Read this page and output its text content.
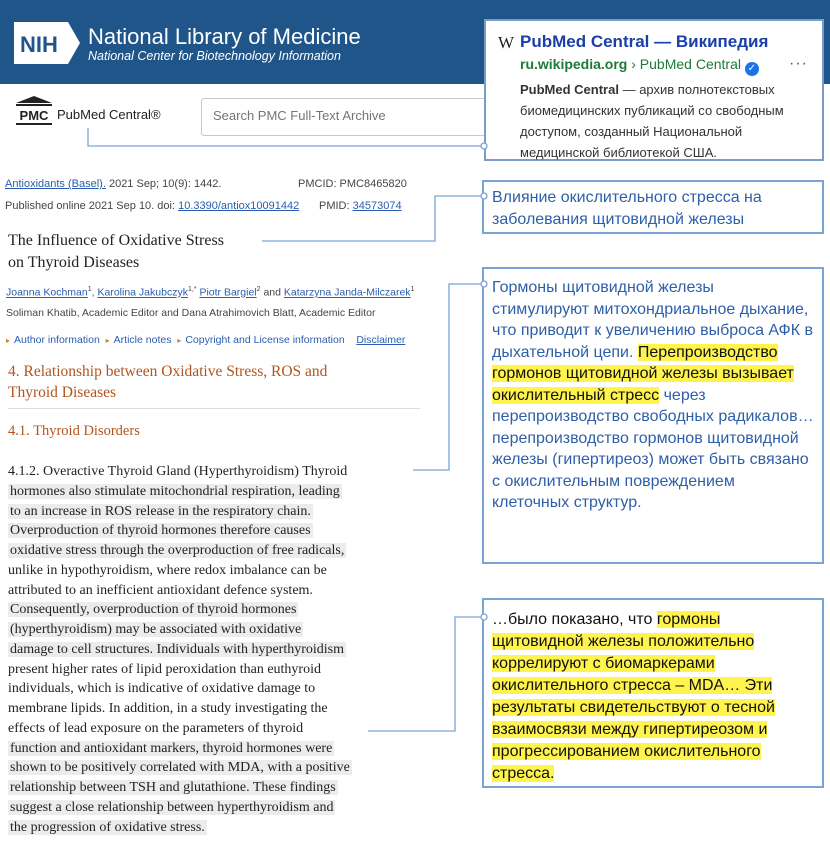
NIH National Library of Medicine
National Center for Biotechnology Information
PMC PubMed Central®
Search PMC Full-Text Archive
Antioxidants (Basel). 2021 Sep; 10(9): 1442.	PMCID: PMC8465820
Published online 2021 Sep 10. doi: 10.3390/antiox10091442 PMID: 34573074
The Influence of Oxidative Stress
on Thyroid Diseases
Joanna Kochman$^1$, Karolina Jakubczyk$^{1,*}$ Piotr Bargiel$^2$ and Katarzyna Janda-Milczarek$^1$
Soliman Khatib, Academic Editor and Dana Atrahimovich Blatt, Academic Editor
▸ Author information ▸ Article notes ▸ Copyright and License information Disclaimer
4. Relationship between Oxidative Stress, ROS and
Thyroid Diseases
4.1. Thyroid Disorders
4.1.2. Overactive Thyroid Gland (Hyperthyroidism) Thyroid
hormones also stimulate mitochondrial respiration, leading
to an increase in ROS release in the respiratory chain.
Overproduction of thyroid hormones therefore causes
oxidative stress through the overproduction of free radicals,
unlike in hypothyroidism, where redox imbalance can be
attributed to an inefficient antioxidant defence system.
Consequently, overproduction of thyroid hormones
(hyperthyroidism) may be associated with oxidative
damage to cell structures. Individuals with hyperthyroidism
present higher rates of lipid peroxidation than euthyroid
individuals, which is indicative of oxidative damage to
membrane lipids. In addition, in a study investigating the
effects of lead exposure on the parameters of thyroid
function and antioxidant markers, thyroid hormones were
shown to be positively correlated with MDA, with a positive
relationship between TSH and glutathione. These findings
suggest a close relationship between hyperthyroidism and
the progression of oxidative stress.
W PubMed Central — Википедия
ru.wikipedia.org › PubMed Central ✓ ···
PubMed Central — архив полнотекстовых биомедицинских публикаций со свободным доступом, созданный Национальной медицинской библиотекой США.
Влияние окислительного стресса на заболевания щитовидной железы
Гормоны щитовидной железы стимулируют митохондриальное дыхание, что приводит к увеличению выброса АФК в дыхательной цепи. Перепроизводство гормонов щитовидной железы вызывает окислительный стресс через перепроизводство свободных радикалов… перепроизводство гормонов щитовидной железы (гипертиреоз) может быть связано с окислительным повреждением клеточных структур.
…было показано, что гормоны щитовидной железы положительно коррелируют с биомаркерами окислительного стресса – MDA… Эти результаты свидетельствуют о тесной взаимосвязи между гипертиреозом и прогрессированием окислительного стресса.
